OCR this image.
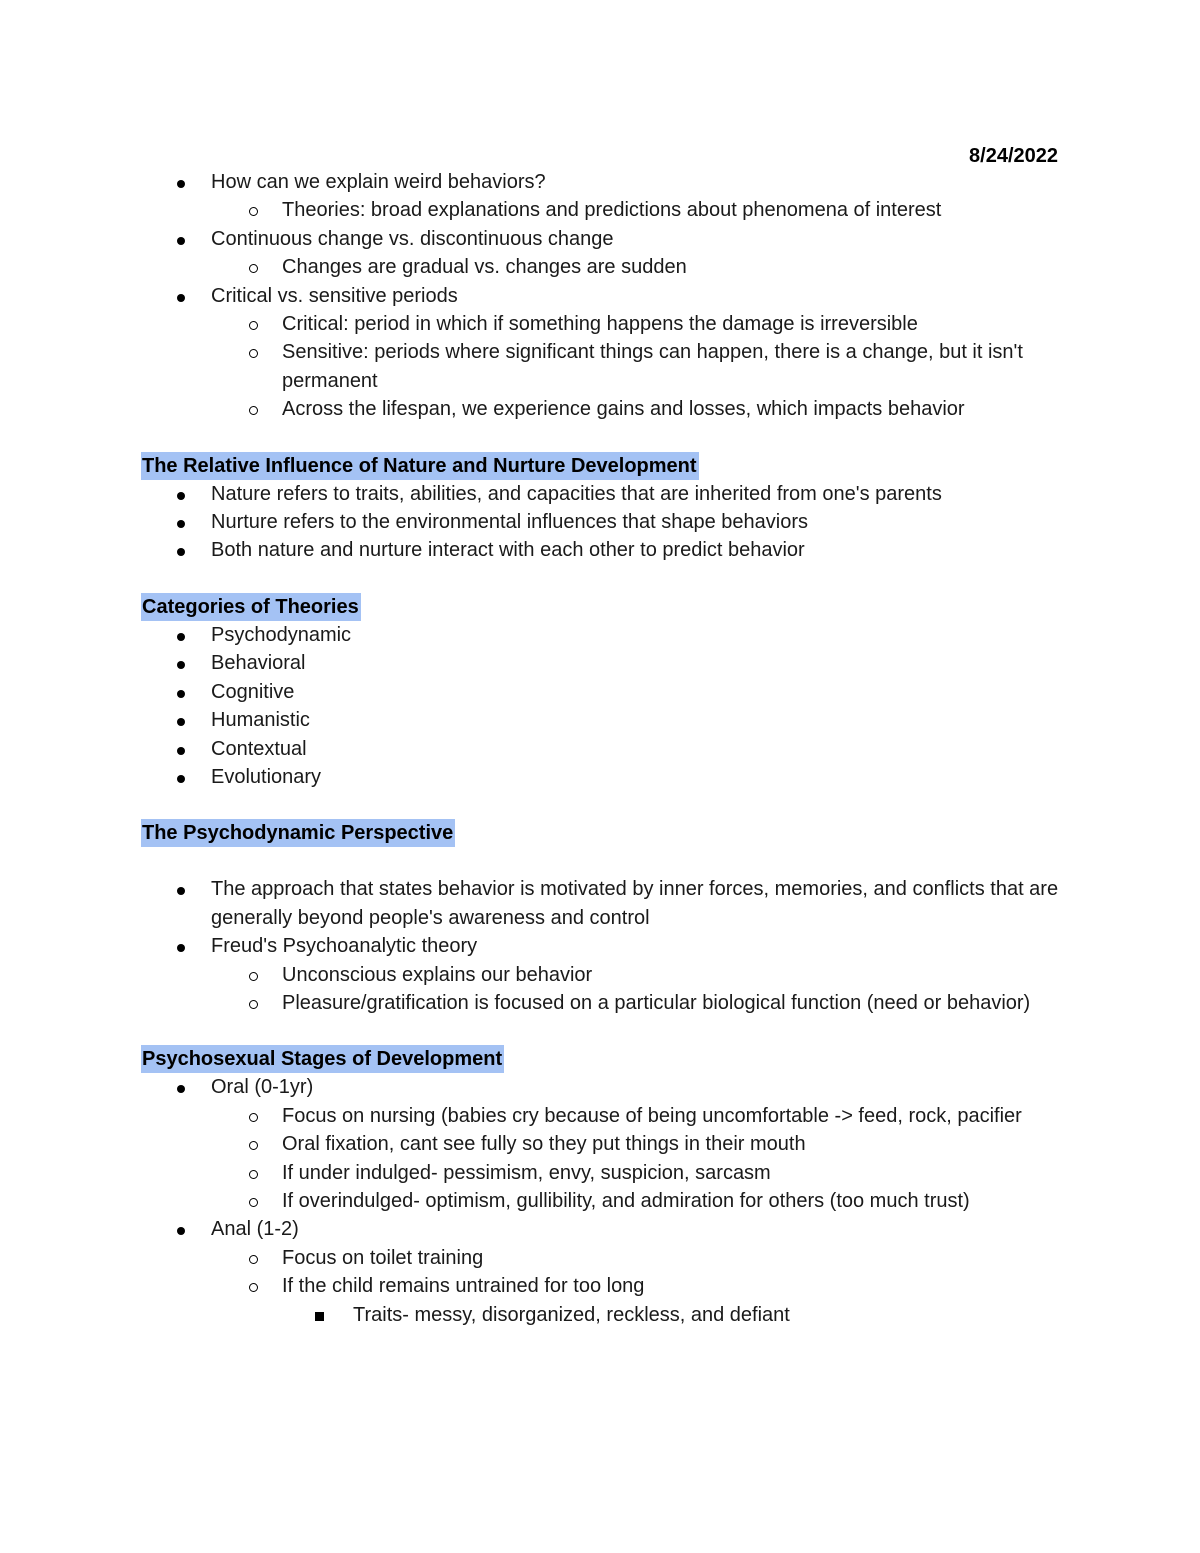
8/24/2022
How can we explain weird behaviors?
Theories: broad explanations and predictions about phenomena of interest
Continuous change vs. discontinuous change
Changes are gradual vs. changes are sudden
Critical vs. sensitive periods
Critical: period in which if something happens the damage is irreversible
Sensitive: periods where significant things can happen, there is a change, but it isn't permanent
Across the lifespan, we experience gains and losses, which impacts behavior
The Relative Influence of Nature and Nurture Development
Nature refers to traits, abilities, and capacities that are inherited from one's parents
Nurture refers to the environmental influences that shape behaviors
Both nature and nurture interact with each other to predict behavior
Categories of Theories
Psychodynamic
Behavioral
Cognitive
Humanistic
Contextual
Evolutionary
The Psychodynamic Perspective
The approach that states behavior is motivated by inner forces, memories, and conflicts that are generally beyond people's awareness and control
Freud's Psychoanalytic theory
Unconscious explains our behavior
Pleasure/gratification is focused on a particular biological function (need or behavior)
Psychosexual Stages of Development
Oral (0-1yr)
Focus on nursing (babies cry because of being uncomfortable -> feed, rock, pacifier
Oral fixation, cant see fully so they put things in their mouth
If under indulged- pessimism, envy, suspicion, sarcasm
If overindulged- optimism, gullibility, and admiration for others (too much trust)
Anal (1-2)
Focus on toilet training
If the child remains untrained for too long
Traits- messy, disorganized, reckless, and defiant
